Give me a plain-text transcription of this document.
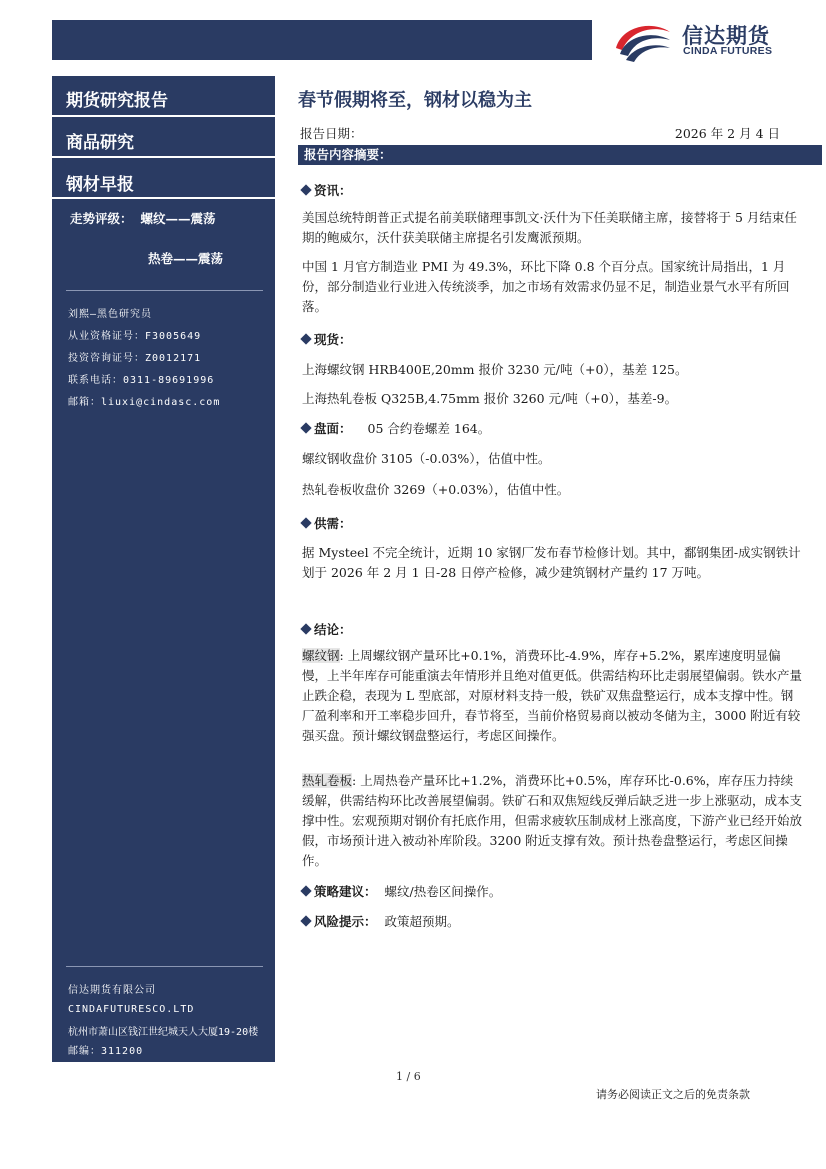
信达期货
CINDA FUTURES
期货研究报告
商品研究
钢材早报
走势评级： 螺纹——震荡
热卷——震荡
刘熙—黑色研究员
从业资格证号：F3005649
投资咨询证号：Z0012171
联系电话：0311-89691996
邮箱：liuxi@cindasc.com
信达期货有限公司
CINDAFUTURESCO.LTD
杭州市萧山区钱江世纪城天人大厦19-20楼
邮编：311200
春节假期将至，钢材以稳为主
报告日期：	2026 年 2 月 4 日
报告内容摘要：
资讯：
美国总统特朗普正式提名前美联储理事凯文·沃什为下任美联储主席，接替将于 5 月结束任期的鲍威尔，沃什获美联储主席提名引发鹰派预期。
中国 1 月官方制造业 PMI 为 49.3%，环比下降 0.8 个百分点。国家统计局指出，1 月份，部分制造业行业进入传统淡季，加之市场有效需求仍显不足，制造业景气水平有所回落。
现货：
上海螺纹钢 HRB400E,20mm 报价 3230 元/吨（+0），基差 125。
上海热轧卷板 Q325B,4.75mm 报价 3260 元/吨（+0），基差-9。
盘面： 05 合约卷螺差 164。
螺纹钢收盘价 3105（-0.03%），估值中性。
热轧卷板收盘价 3269（+0.03%），估值中性。
供需：
据 Mysteel 不完全统计，近期 10 家钢厂发布春节检修计划。其中，鄱钢集团-成实钢铁计划于 2026 年 2 月 1 日-28 日停产检修，减少建筑钢材产量约 17 万吨。
结论：
螺纹钢: 上周螺纹钢产量环比+0.1%，消费环比-4.9%，库存+5.2%，累库速度明显偏慢，上半年库存可能重演去年情形并且绝对值更低。供需结构环比走弱展望偏弱。铁水产量止跌企稳，表现为 L 型底部，对原材料支持一般，铁矿双焦盘整运行，成本支撑中性。钢厂盈利率和开工率稳步回升，春节将至，当前价格贸易商以被动冬储为主，3000 附近有较强买盘。预计螺纹钢盘整运行，考虑区间操作。
热轧卷板: 上周热卷产量环比+1.2%，消费环比+0.5%，库存环比-0.6%，库存压力持续缓解，供需结构环比改善展望偏弱。铁矿石和双焦短线反弹后缺乏进一步上涨驱动，成本支撑中性。宏观预期对钢价有托底作用，但需求疲软压制成材上涨高度，下游产业已经开始放假，市场预计进入被动补库阶段。3200 附近支撑有效。预计热卷盘整运行，考虑区间操作。
策略建议： 螺纹/热卷区间操作。
风险提示： 政策超预期。
1 / 6
请务必阅读正文之后的免责条款
